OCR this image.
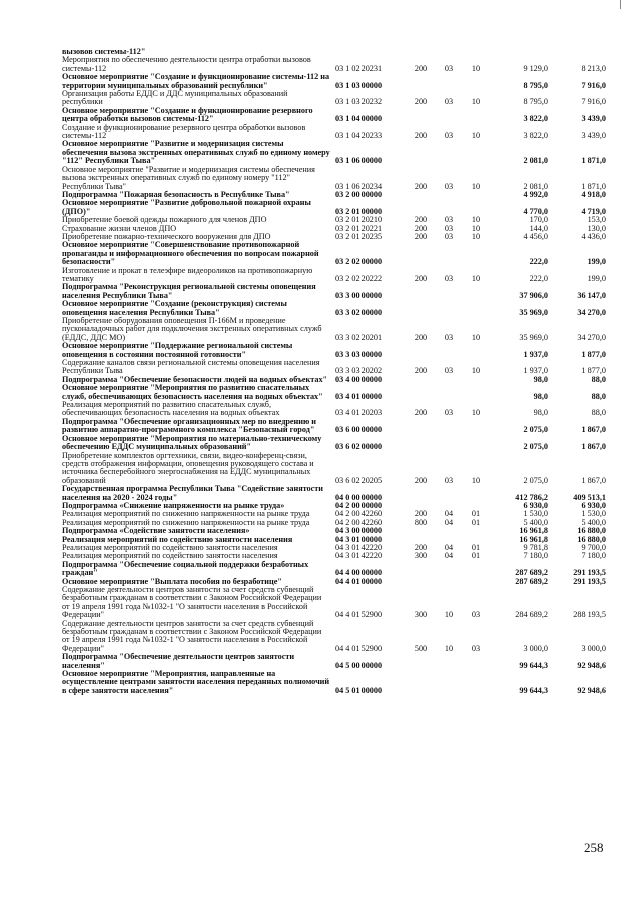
вызовов системы-112"						
Мероприятия по обеспечению деятельности центра отработки вызовов системы-112	03 1 02 20231	200	03	10	9 129,0	8 213,0
Основное мероприятие "Создание и функционирование системы-112 на территории муниципальных образований республики"	03 1 03 00000				8 795,0	7 916,0
Организация работы ЕДДС и ДДС муниципальных образований республики	03 1 03 20232	200	03	10	8 795,0	7 916,0
Основное мероприятие "Создание и функционирование резервного центра обработки вызовов системы-112"	03 1 04 00000				3 822,0	3 439,0
Создание и функционирование резервного центра обработки вызовов системы-112	03 1 04 20233	200	03	10	3 822,0	3 439,0
Основное мероприятие "Развитие и модернизация системы обеспечения вызова экстренных оперативных служб по единому номеру "112" Республики Тыва"	03 1 06 00000				2 081,0	1 871,0
Основное мероприятие "Развитие и модернизация системы обеспечения вызова экстренных оперативных служб по единому номеру "112" Республики Тыва"	03 1 06 20234	200	03	10	2 081,0	1 871,0
Подпрограмма "Пожарная безопасность в Республике Тыва"	03 2 00 00000				4 992,0	4 918,0
Основное мероприятие "Развитие добровольной пожарной охраны (ДПО)"	03 2 01 00000				4 770,0	4 719,0
Приобретение боевой одежды пожарного для членов ДПО	03 2 01 20210	200	03	10	170,0	153,0
Страхование жизни членов ДПО	03 2 01 20221	200	03	10	144,0	130,0
Приобретение пожарно-технического вооружения для ДПО	03 2 01 20235	200	03	10	4 456,0	4 436,0
Основное мероприятие "Совершенствование противопожарной пропаганды и информационного обеспечения по вопросам пожарной безопасности"	03 2 02 00000				222,0	199,0
Изготовление и прокат в телеэфире видеороликов на противопожарную тематику	03 2 02 20222	200	03	10	222,0	199,0
Подпрограмма "Реконструкция региональной системы оповещения населения Республики Тыва"	03 3 00 00000				37 906,0	36 147,0
Основное мероприятие "Создание (реконструкция) системы оповещения населения Республики Тыва"	03 3 02 00000				35 969,0	34 270,0
Приобретение оборудования оповещения П-166М и проведение пусконаладочных работ для подключения экстренных оперативных служб (ЕДДС, ДДС МО)	03 3 02 20201	200	03	10	35 969,0	34 270,0
Основное мероприятие "Поддержание региональной системы оповещения в состоянии постоянной готовности"	03 3 03 00000				1 937,0	1 877,0
Содержание каналов связи региональной системы оповещения населения Республики Тыва	03 3 03 20202	200	03	10	1 937,0	1 877,0
Подпрограмма "Обеспечение безопасности людей на водных объектах"	03 4 00 00000				98,0	88,0
Основное мероприятие "Мероприятия по развитию спасательных служб, обеспечивающих безопасность населения на водных объектах"	03 4 01 00000				98,0	88,0
Реализация мероприятий по развитию спасательных служб, обеспечивающих безопасность населения на водных объектах	03 4 01 20203	200	03	10	98,0	88,0
Подпрограмма "Обеспечение организационных мер по внедрению и развитию аппаратно-программного комплекса "Безопасный город"	03 6 00 00000				2 075,0	1 867,0
Основное мероприятие "Мероприятия по материально-техническому обеспечению ЕДДС муниципальных образований"	03 6 02 00000				2 075,0	1 867,0
Приобретение комплектов оргтехники, связи, видео-конференц-связи, средств отображения информации, оповещения руководящего состава и источника бесперебойного энергоснабжения на ЕДДС муниципальных образований	03 6 02 20205	200	03	10	2 075,0	1 867,0
Государственная программа Республики Тыва "Содействие занятости населения на 2020 - 2024 годы"	04 0 00 00000				412 786,2	409 513,1
Подпрограмма «Снижение напряженности на рынке труда»	04 2 00 00000				6 930,0	6 930,0
Реализация мероприятий по снижению напряженности на рынке труда	04 2 00 42260	200	04	01	1 530,0	1 530,0
Реализация мероприятий по снижению напряженности на рынке труда	04 2 00 42260	800	04	01	5 400,0	5 400,0
Подпрограмма «Содействие занятости населения»	04 3 00 00000				16 961,8	16 880,0
Реализация мероприятий по содействию занятости населения	04 3 01 00000				16 961,8	16 880,0
Реализация мероприятий по содействию занятости населения	04 3 01 42220	200	04	01	9 781,8	9 700,0
Реализация мероприятий по содействию занятости населения	04 3 01 42220	300	04	01	7 180,0	7 180,0
Подпрограмма "Обеспечение социальной поддержки безработных граждан"	04 4 00 00000				287 689,2	291 193,5
Основное мероприятие "Выплата пособия по безработице"	04 4 01 00000				287 689,2	291 193,5
Содержание деятельности центров занятости за счет средств субвенций безработным гражданам в соответствии с Законом Российской Федерации от 19 апреля 1991 года №1032-1 "О занятости населения в Российской Федерации"	04 4 01 52900	300	10	03	284 689,2	288 193,5
Содержание деятельности центров занятости за счет средств субвенций безработным гражданам в соответствии с Законом Российской Федерации от 19 апреля 1991 года №1032-1 "О занятости населения в Российской Федерации"	04 4 01 52900	500	10	03	3 000,0	3 000,0
Подпрограмма "Обеспечение деятельности центров занятости населения"	04 5 00 00000				99 644,3	92 948,6
Основное мероприятие "Мероприятия, направленные на осуществление центрами занятости населения переданных полномочий в сфере занятости населения"	04 5 01 00000				99 644,3	92 948,6
258
